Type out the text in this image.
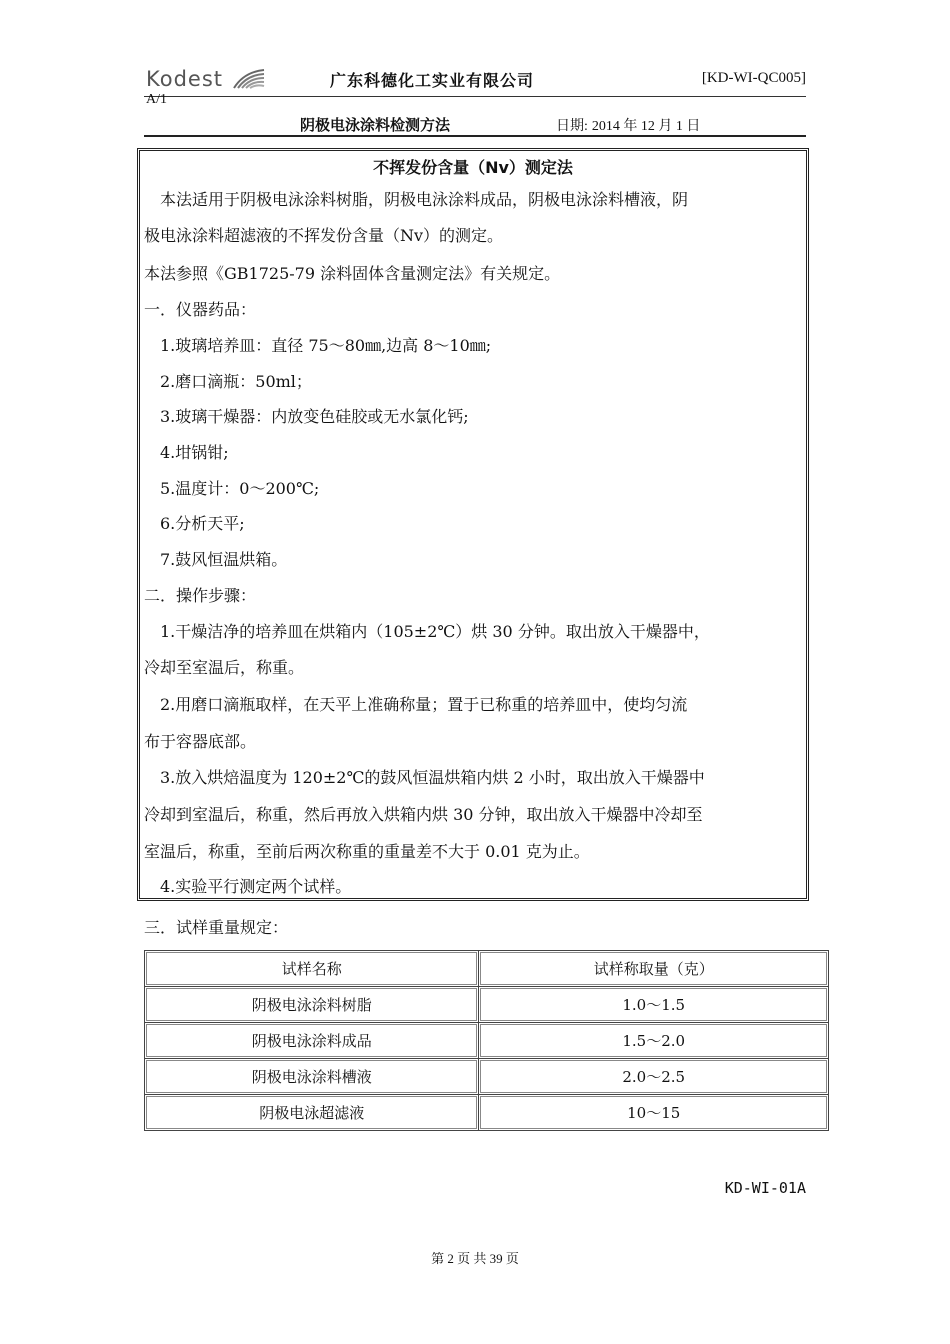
Kodest	广东科德化工实业有限公司	[KD-WI-QC005]
A/1
阴极电泳涂料检测方法	日期: 2014 年 12 月 1 日
不挥发份含量（Nv）测定法
　本法适用于阴极电泳涂料树脂，阴极电泳涂料成品，阴极电泳涂料槽液，阴
极电泳涂料超滤液的不挥发份含量（Nv）的测定。
本法参照《GB1725-79 涂料固体含量测定法》有关规定。
一．仪器药品：
　1.玻璃培养皿：直径 75～80㎜,边高 8～10㎜;
　2.磨口滴瓶：50ml；
　3.玻璃干燥器：内放变色硅胶或无水氯化钙;
　4.坩锅钳;
　5.温度计：0～200℃;
　6.分析天平;
　7.鼓风恒温烘箱。
二．操作步骤：
　1.干燥洁净的培养皿在烘箱内（105±2℃）烘 30 分钟。取出放入干燥器中，
冷却至室温后，称重。
　2.用磨口滴瓶取样，在天平上准确称量；置于已称重的培养皿中，使均匀流
布于容器底部。
　3.放入烘焙温度为 120±2℃的鼓风恒温烘箱内烘 2 小时，取出放入干燥器中
冷却到室温后，称重，然后再放入烘箱内烘 30 分钟，取出放入干燥器中冷却至
室温后，称重，至前后两次称重的重量差不大于 0.01 克为止。
　4.实验平行测定两个试样。
三．试样重量规定：
试样名称	试样称取量（克）
阴极电泳涂料树脂	1.0～1.5
阴极电泳涂料成品	1.5～2.0
阴极电泳涂料槽液	2.0～2.5
阴极电泳超滤液	10～15
KD-WI-01A
第 2 页 共 39 页
